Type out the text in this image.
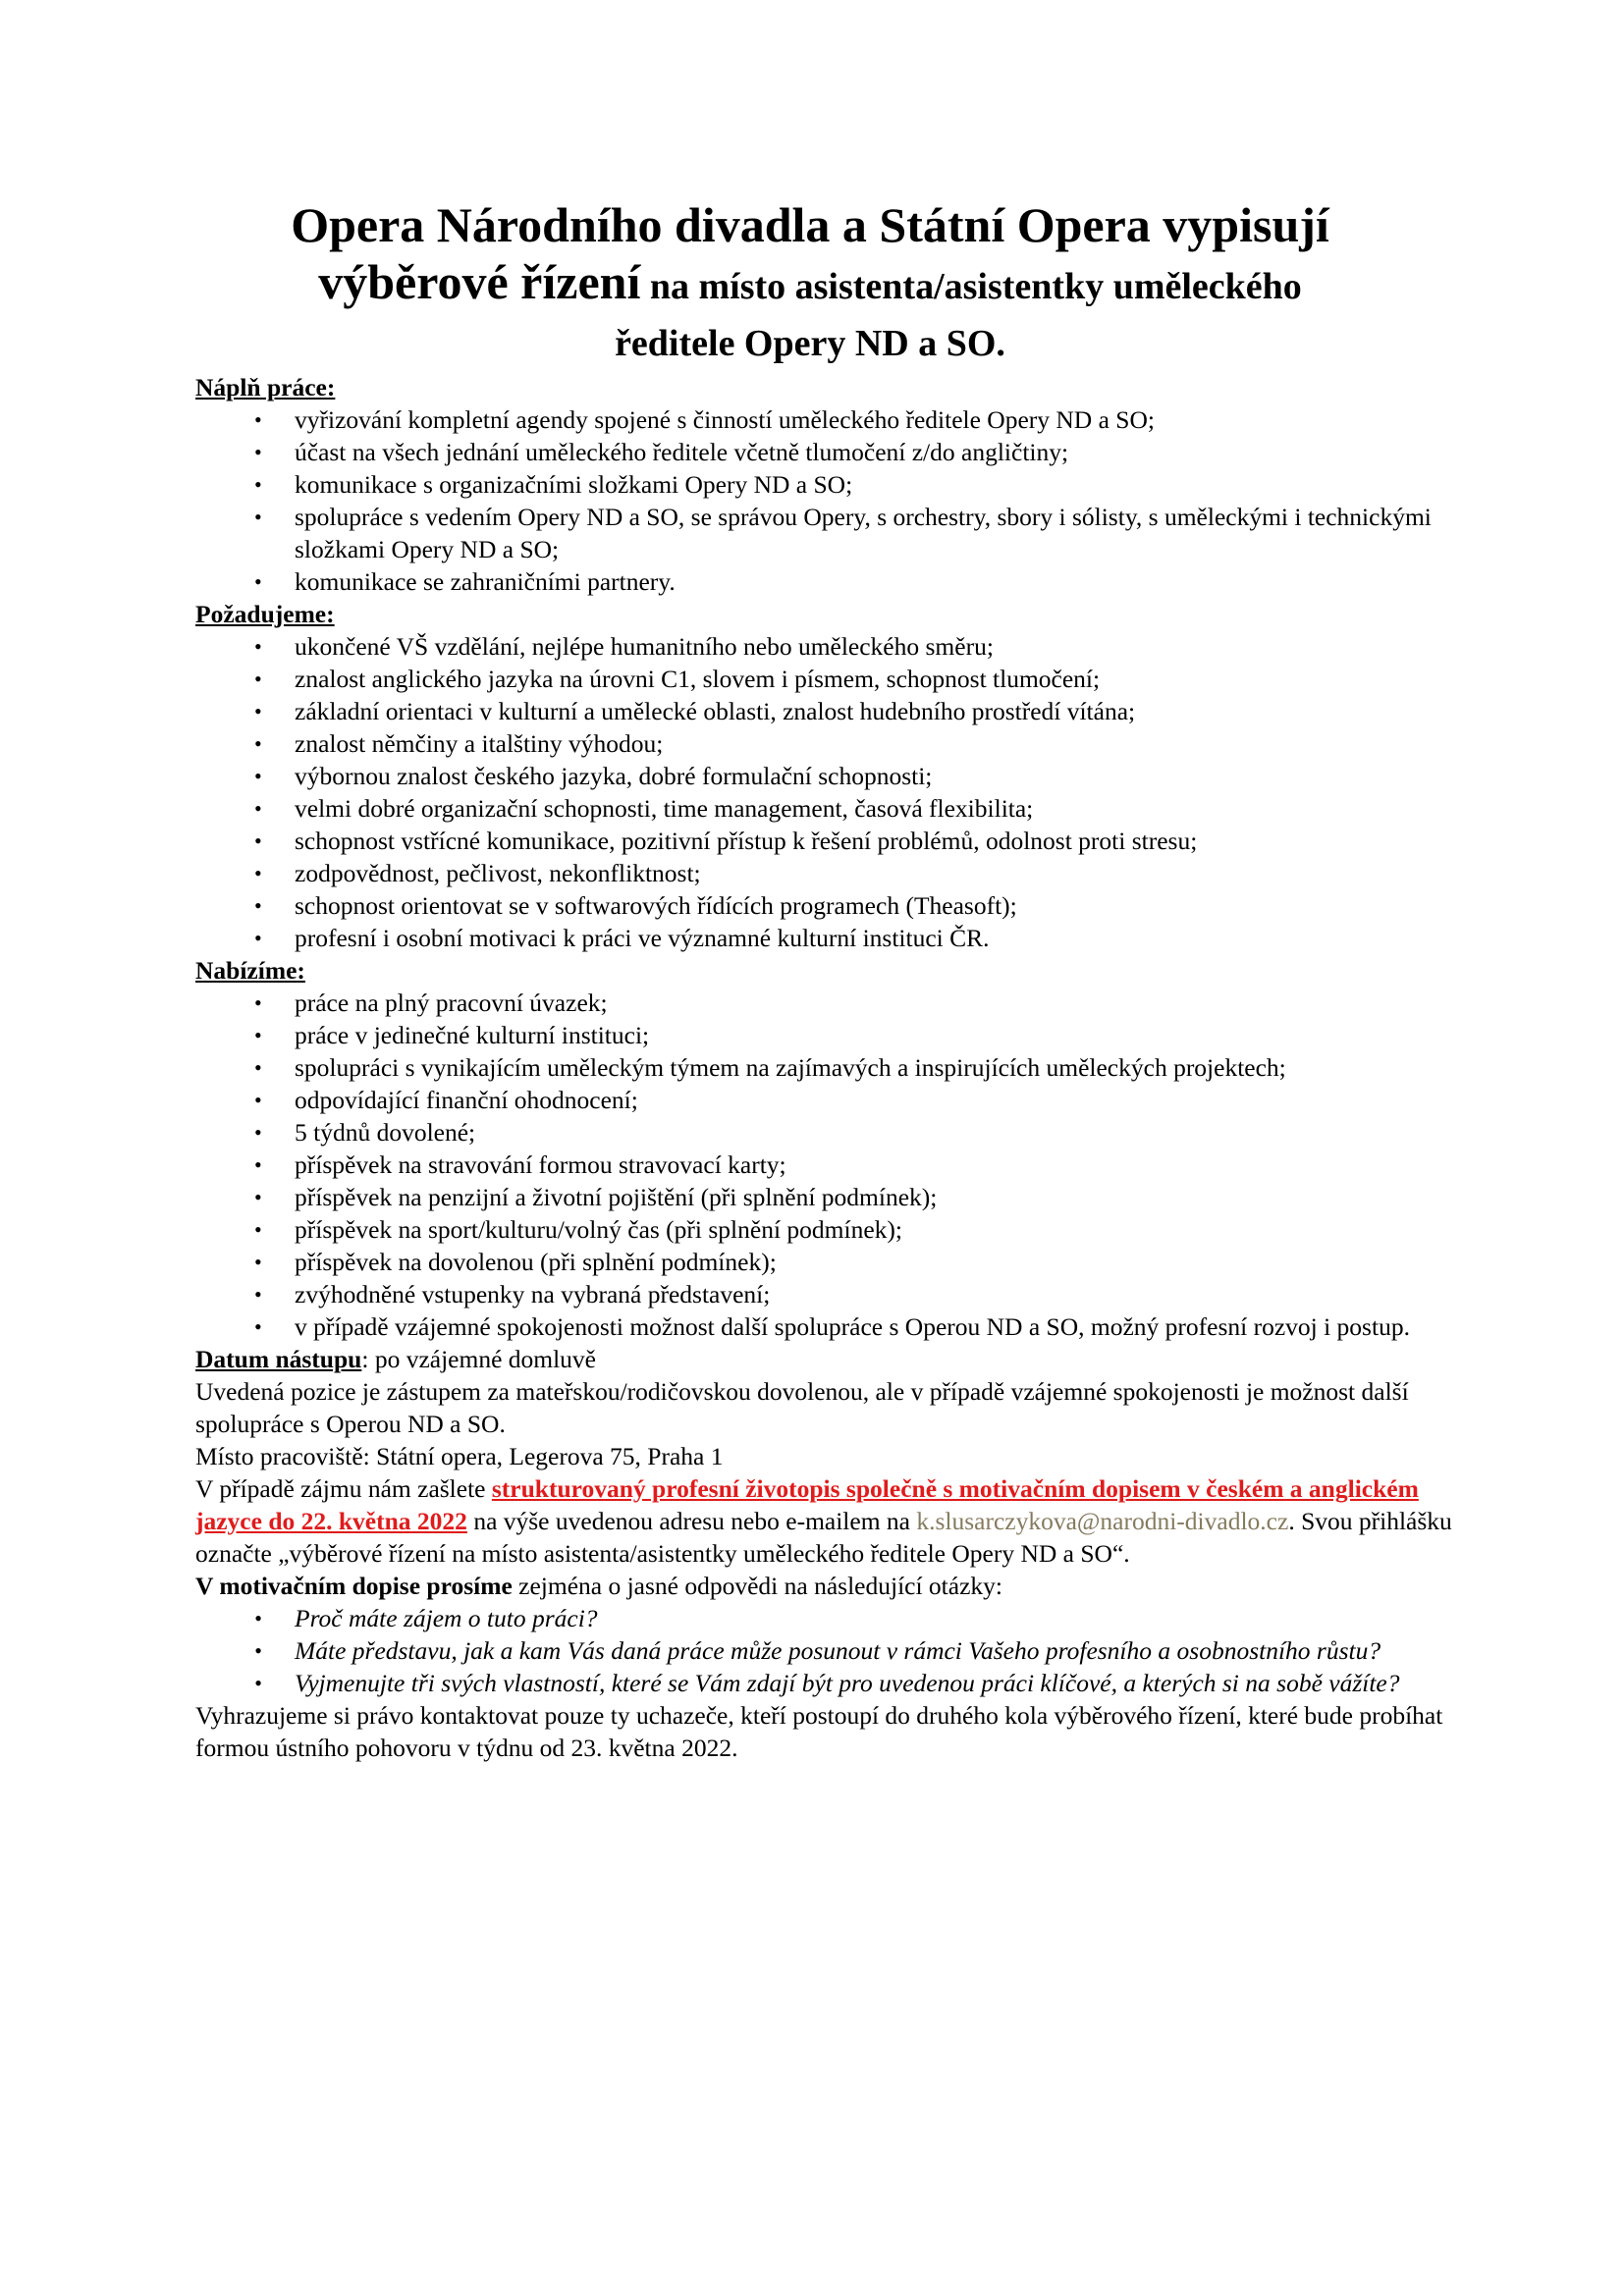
Opera Národního divadla a Státní Opera vypisují
výběrové řízení na místo asistenta/asistentky uměleckého
ředitele Opery ND a SO.

Náplň práce:

• vyřizování kompletní agendy spojené s činností uměleckého ředitele Opery ND a SO;
• účast na všech jednání uměleckého ředitele včetně tlumočení z/do angličtiny;
• komunikace s organizačními složkami Opery ND a SO;
• spolupráce s vedením Opery ND a SO, se správou Opery, s orchestry, sbory i sólisty, s uměleckými i technickými složkami Opery ND a SO;
• komunikace se zahraničními partnery.

Požadujeme:

• ukončené VŠ vzdělání, nejlépe humanitního nebo uměleckého směru;
• znalost anglického jazyka na úrovni C1, slovem i písmem, schopnost tlumočení;
• základní orientaci v kulturní a umělecké oblasti, znalost hudebního prostředí vítána;
• znalost němčiny a italštiny výhodou;
• výbornou znalost českého jazyka, dobré formulační schopnosti;
• velmi dobré organizační schopnosti, time management, časová flexibilita;
• schopnost vstřícné komunikace, pozitivní přístup k řešení problémů, odolnost proti stresu;
• zodpovědnost, pečlivost, nekonfliktnost;
• schopnost orientovat se v softwarových řídících programech (Theasoft);
• profesní i osobní motivaci k práci ve významné kulturní instituci ČR.

Nabízíme:

• práce na plný pracovní úvazek;
• práce v jedinečné kulturní instituci;
• spolupráci s vynikajícím uměleckým týmem na zajímavých a inspirujících uměleckých projektech;
• odpovídající finanční ohodnocení;
• 5 týdnů dovolené;
• příspěvek na stravování formou stravovací karty;
• příspěvek na penzijní a životní pojištění (při splnění podmínek);
• příspěvek na sport/kulturu/volný čas (při splnění podmínek);
• příspěvek na dovolenou (při splnění podmínek);
• zvýhodněné vstupenky na vybraná představení;
• v případě vzájemné spokojenosti možnost další spolupráce s Operou ND a SO, možný profesní rozvoj i postup.

Datum nástupu: po vzájemné domluvě

Uvedená pozice je zástupem za mateřskou/rodičovskou dovolenou, ale v případě vzájemné spokojenosti je možnost další spolupráce s Operou ND a SO.

Místo pracoviště: Státní opera, Legerova 75, Praha 1

V případě zájmu nám zašlete strukturovaný profesní životopis společně s motivačním dopisem v českém a anglickém jazyce do 22. května 2022 na výše uvedenou adresu nebo e-mailem na k.slusarczykova@narodni-divadlo.cz. Svou přihlášku označte „výběrové řízení na místo asistenta/asistentky uměleckého ředitele Opery ND a SO“.

V motivačním dopise prosíme zejména o jasné odpovědi na následující otázky:

• Proč máte zájem o tuto práci?
• Máte představu, jak a kam Vás daná práce může posunout v rámci Vašeho profesního a osobnostního růstu?
• Vyjmenujte tři svých vlastností, které se Vám zdají být pro uvedenou práci klíčové, a kterých si na sobě vážíte?

Vyhrazujeme si právo kontaktovat pouze ty uchazeče, kteří postoupí do druhého kola výběrového řízení, které bude probíhat formou ústního pohovoru v týdnu od 23. května 2022.
